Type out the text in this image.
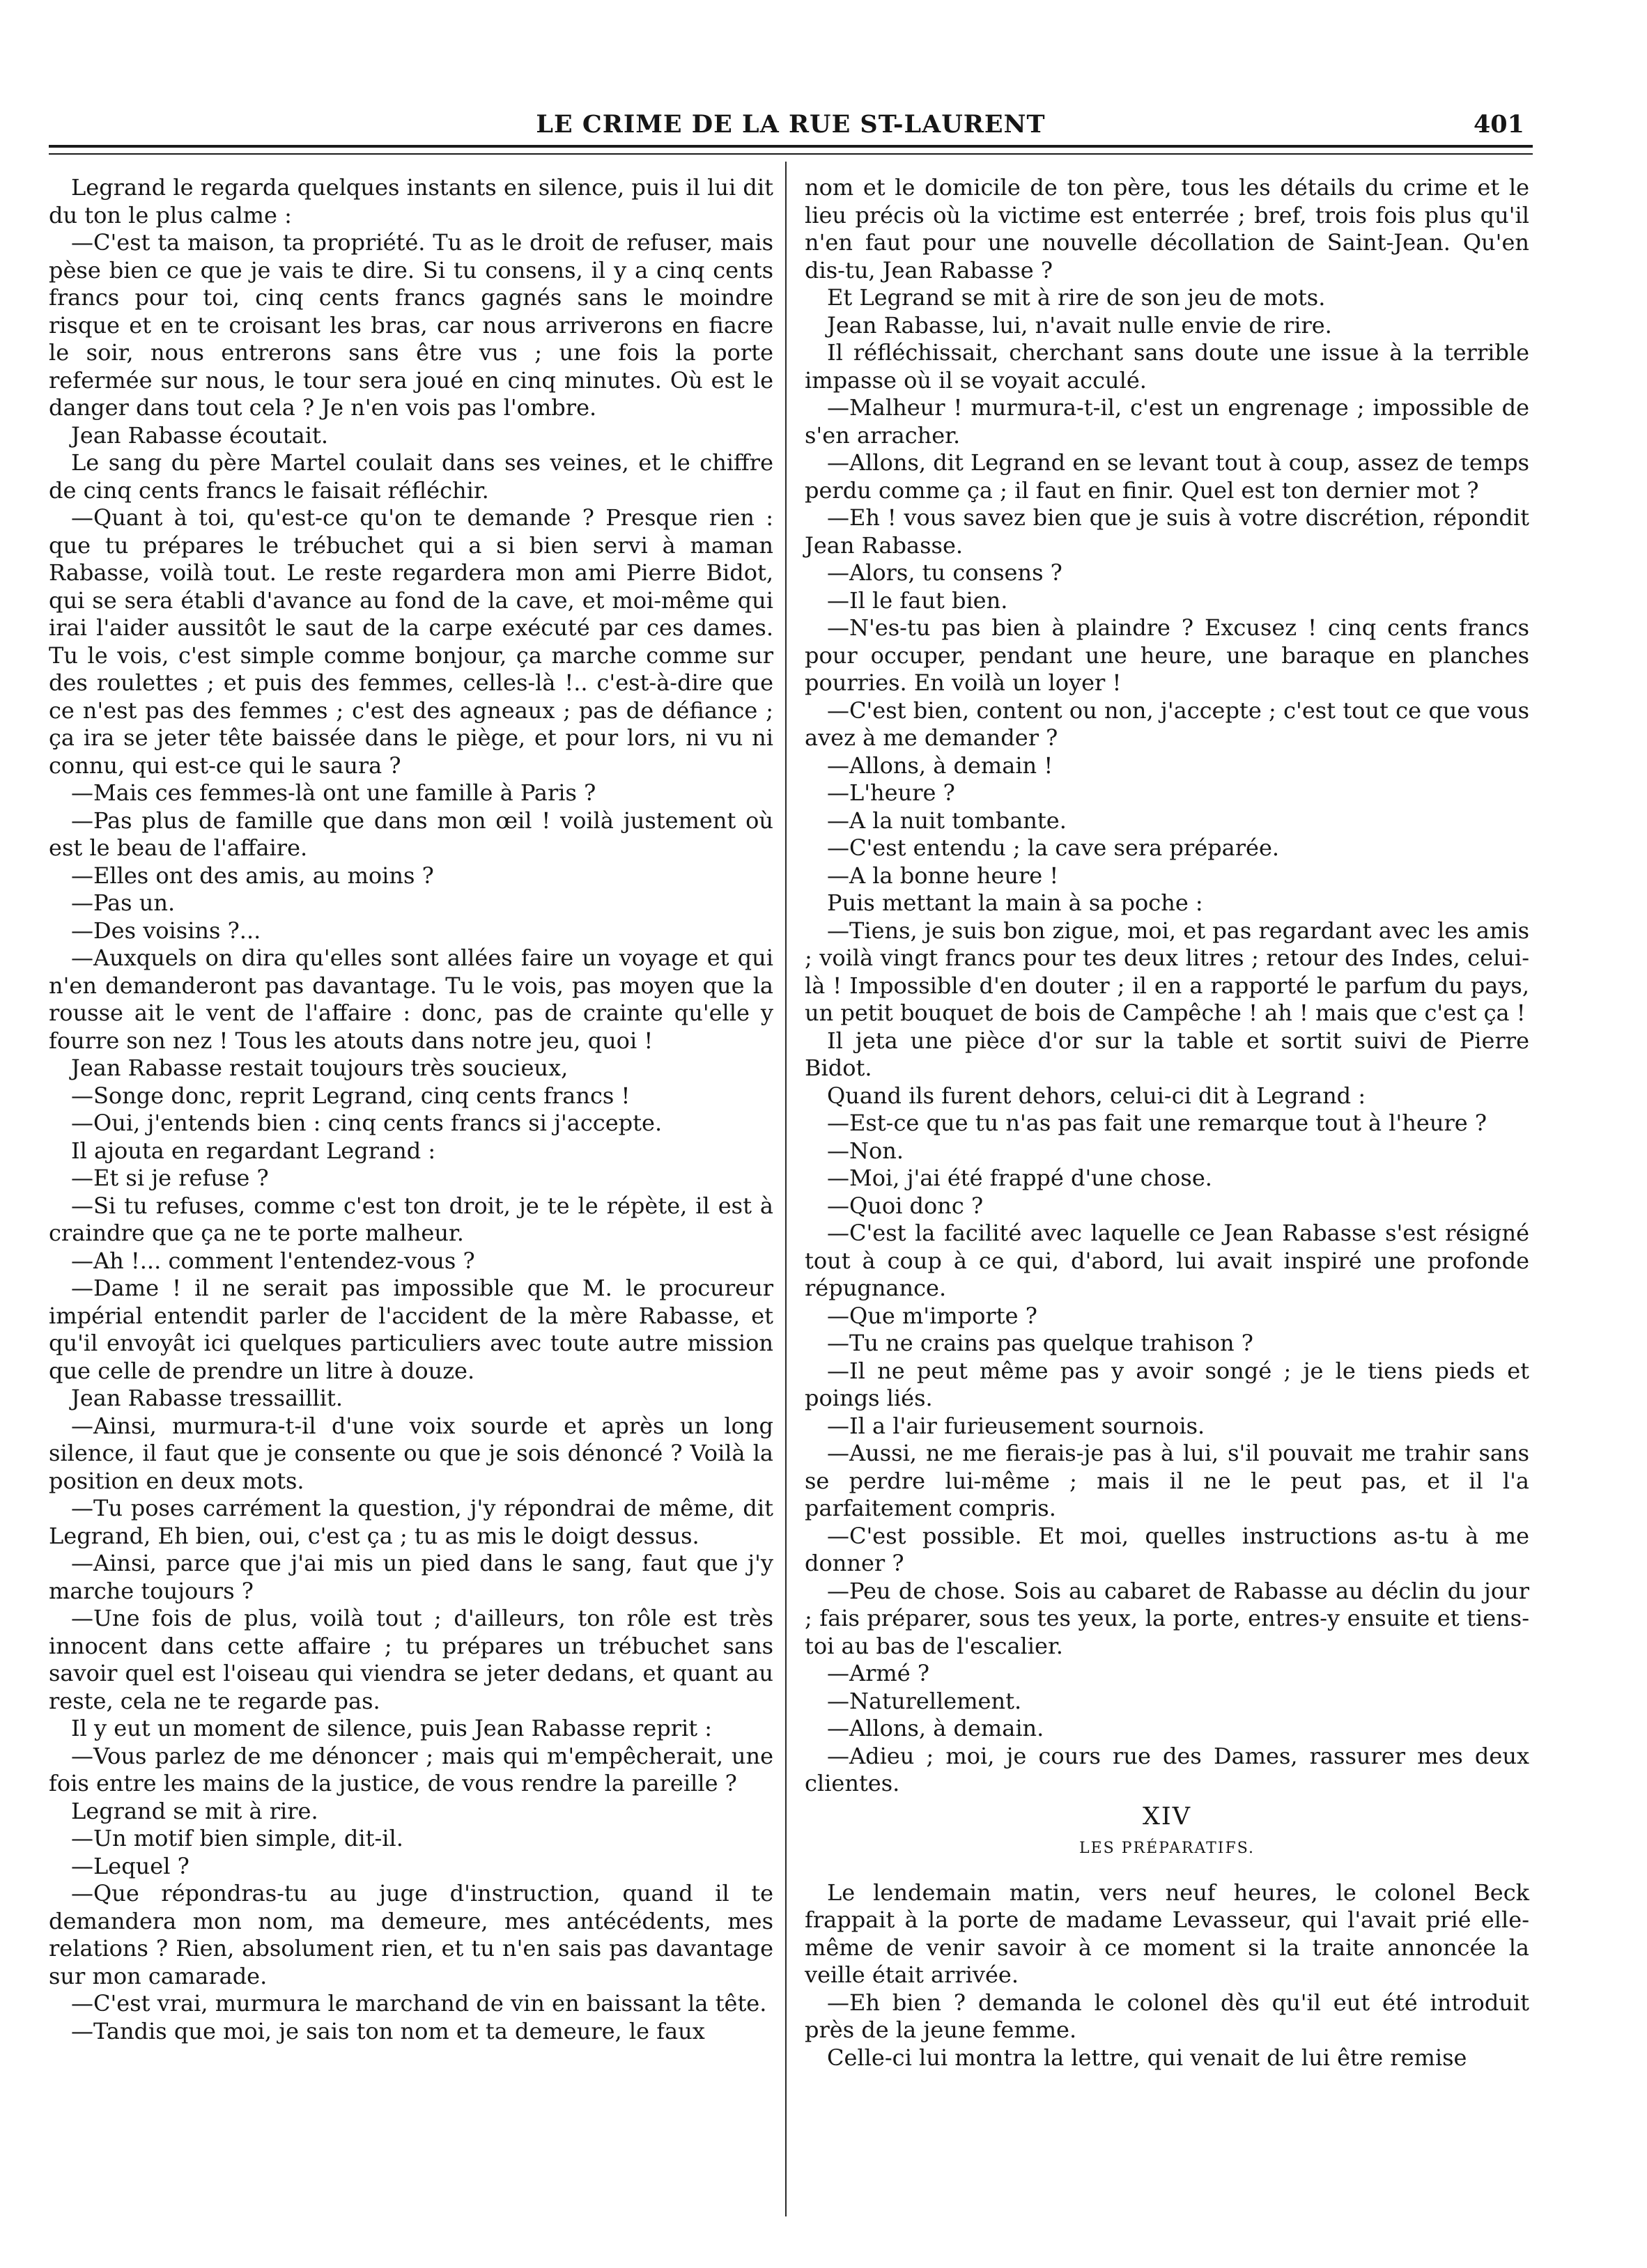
LE CRIME DE LA RUE ST-LAURENT	401

Legrand le regarda quelques instants en silence, puis il lui dit du ton le plus calme :

—C'est ta maison, ta propriété. Tu as le droit de refuser, mais pèse bien ce que je vais te dire. Si tu consens, il y a cinq cents francs pour toi, cinq cents francs gagnés sans le moindre risque et en te croisant les bras, car nous arriverons en fiacre le soir, nous entrerons sans être vus ; une fois la porte refermée sur nous, le tour sera joué en cinq minutes. Où est le danger dans tout cela ? Je n'en vois pas l'ombre.

Jean Rabasse écoutait.

Le sang du père Martel coulait dans ses veines, et le chiffre de cinq cents francs le faisait réfléchir.

—Quant à toi, qu'est-ce qu'on te demande ? Presque rien : que tu prépares le trébuchet qui a si bien servi à maman Rabasse, voilà tout. Le reste regardera mon ami Pierre Bidot, qui se sera établi d'avance au fond de la cave, et moi-même qui irai l'aider aussitôt le saut de la carpe exécuté par ces dames. Tu le vois, c'est simple comme bonjour, ça marche comme sur des roulettes ; et puis des femmes, celles-là !.. c'est-à-dire que ce n'est pas des femmes ; c'est des agneaux ; pas de défiance ; ça ira se jeter tête baissée dans le piège, et pour lors, ni vu ni connu, qui est-ce qui le saura ?

—Mais ces femmes-là ont une famille à Paris ?

—Pas plus de famille que dans mon œil ! voilà justement où est le beau de l'affaire.

—Elles ont des amis, au moins ?

—Pas un.

—Des voisins ?...

—Auxquels on dira qu'elles sont allées faire un voyage et qui n'en demanderont pas davantage. Tu le vois, pas moyen que la rousse ait le vent de l'affaire : donc, pas de crainte qu'elle y fourre son nez ! Tous les atouts dans notre jeu, quoi !

Jean Rabasse restait toujours très soucieux,

—Songe donc, reprit Legrand, cinq cents francs !

—Oui, j'entends bien : cinq cents francs si j'accepte.

Il ajouta en regardant Legrand :

—Et si je refuse ?

—Si tu refuses, comme c'est ton droit, je te le répète, il est à craindre que ça ne te porte malheur.

—Ah !... comment l'entendez-vous ?

—Dame ! il ne serait pas impossible que M. le procureur impérial entendit parler de l'accident de la mère Rabasse, et qu'il envoyât ici quelques particuliers avec toute autre mission que celle de prendre un litre à douze.

Jean Rabasse tressaillit.

—Ainsi, murmura-t-il d'une voix sourde et après un long silence, il faut que je consente ou que je sois dénoncé ? Voilà la position en deux mots.

—Tu poses carrément la question, j'y répondrai de même, dit Legrand, Eh bien, oui, c'est ça ; tu as mis le doigt dessus.

—Ainsi, parce que j'ai mis un pied dans le sang, faut que j'y marche toujours ?

—Une fois de plus, voilà tout ; d'ailleurs, ton rôle est très innocent dans cette affaire ; tu prépares un trébuchet sans savoir quel est l'oiseau qui viendra se jeter dedans, et quant au reste, cela ne te regarde pas.

Il y eut un moment de silence, puis Jean Rabasse reprit :

—Vous parlez de me dénoncer ; mais qui m'empêcherait, une fois entre les mains de la justice, de vous rendre la pareille ?

Legrand se mit à rire.

—Un motif bien simple, dit-il.

—Lequel ?

—Que répondras-tu au juge d'instruction, quand il te demandera mon nom, ma demeure, mes antécédents, mes relations ? Rien, absolument rien, et tu n'en sais pas davantage sur mon camarade.

—C'est vrai, murmura le marchand de vin en baissant la tête.

—Tandis que moi, je sais ton nom et ta demeure, le faux

nom et le domicile de ton père, tous les détails du crime et le lieu précis où la victime est enterrée ; bref, trois fois plus qu'il n'en faut pour une nouvelle décollation de Saint-Jean. Qu'en dis-tu, Jean Rabasse ?

Et Legrand se mit à rire de son jeu de mots.

Jean Rabasse, lui, n'avait nulle envie de rire.

Il réfléchissait, cherchant sans doute une issue à la terrible impasse où il se voyait acculé.

—Malheur ! murmura-t-il, c'est un engrenage ; impossible de s'en arracher.

—Allons, dit Legrand en se levant tout à coup, assez de temps perdu comme ça ; il faut en finir. Quel est ton dernier mot ?

—Eh ! vous savez bien que je suis à votre discrétion, répondit Jean Rabasse.

—Alors, tu consens ?

—Il le faut bien.

—N'es-tu pas bien à plaindre ? Excusez ! cinq cents francs pour occuper, pendant une heure, une baraque en planches pourries. En voilà un loyer !

—C'est bien, content ou non, j'accepte ; c'est tout ce que vous avez à me demander ?

—Allons, à demain !

—L'heure ?

—A la nuit tombante.

—C'est entendu ; la cave sera préparée.

—A la bonne heure !

Puis mettant la main à sa poche :

—Tiens, je suis bon zigue, moi, et pas regardant avec les amis ; voilà vingt francs pour tes deux litres ; retour des Indes, celui-là ! Impossible d'en douter ; il en a rapporté le parfum du pays, un petit bouquet de bois de Campêche ! ah ! mais que c'est ça !

Il jeta une pièce d'or sur la table et sortit suivi de Pierre Bidot.

Quand ils furent dehors, celui-ci dit à Legrand :

—Est-ce que tu n'as pas fait une remarque tout à l'heure ?

—Non.

—Moi, j'ai été frappé d'une chose.

—Quoi donc ?

—C'est la facilité avec laquelle ce Jean Rabasse s'est résigné tout à coup à ce qui, d'abord, lui avait inspiré une profonde répugnance.

—Que m'importe ?

—Tu ne crains pas quelque trahison ?

—Il ne peut même pas y avoir songé ; je le tiens pieds et poings liés.

—Il a l'air furieusement sournois.

—Aussi, ne me fierais-je pas à lui, s'il pouvait me trahir sans se perdre lui-même ; mais il ne le peut pas, et il l'a parfaitement compris.

—C'est possible. Et moi, quelles instructions as-tu à me donner ?

—Peu de chose. Sois au cabaret de Rabasse au déclin du jour ; fais préparer, sous tes yeux, la porte, entres-y ensuite et tiens-toi au bas de l'escalier.

—Armé ?

—Naturellement.

—Allons, à demain.

—Adieu ; moi, je cours rue des Dames, rassurer mes deux clientes.

XIV

LES PRÉPARATIFS.

Le lendemain matin, vers neuf heures, le colonel Beck frappait à la porte de madame Levasseur, qui l'avait prié elle-même de venir savoir à ce moment si la traite annoncée la veille était arrivée.

—Eh bien ? demanda le colonel dès qu'il eut été introduit près de la jeune femme.

Celle-ci lui montra la lettre, qui venait de lui être remise
